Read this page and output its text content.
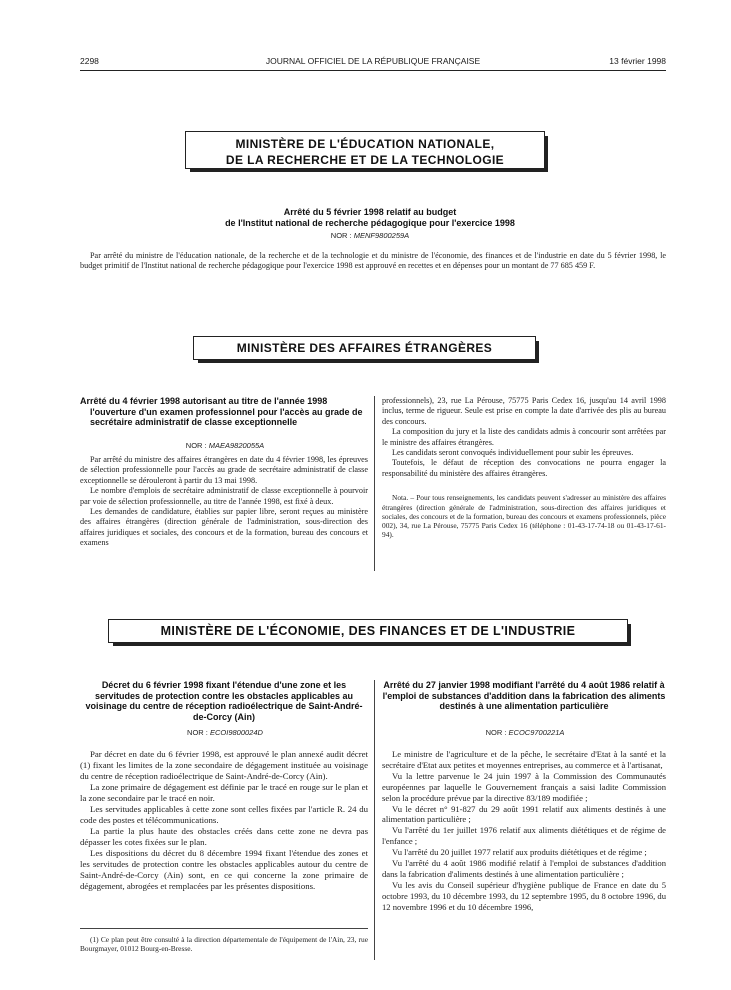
2298	JOURNAL OFFICIEL DE LA RÉPUBLIQUE FRANÇAISE	13 février 1998
MINISTÈRE DE L'ÉDUCATION NATIONALE,
DE LA RECHERCHE ET DE LA TECHNOLOGIE
Arrêté du 5 février 1998 relatif au budget
de l'Institut national de recherche pédagogique pour l'exercice 1998
NOR : MENF9800259A

Par arrêté du ministre de l'éducation nationale, de la recherche et de la technologie et du ministre de l'économie, des finances et de l'industrie en date du 5 février 1998, le budget primitif de l'Institut national de recherche pédagogique pour l'exercice 1998 est approuvé en recettes et en dépenses pour un montant de 77 685 459 F.

MINISTÈRE DES AFFAIRES ÉTRANGÈRES
Arrêté du 4 février 1998 autorisant au titre de l'année 1998 l'ouverture d'un examen professionnel pour l'accès au grade de secrétaire administratif de classe exceptionnelle
NOR : MAEA9820055A

Par arrêté du ministre des affaires étrangères en date du 4 février 1998, les épreuves de sélection professionnelle pour l'accès au grade de secrétaire administratif de classe exceptionnelle se dérouleront à partir du 13 mai 1998.

Le nombre d'emplois de secrétaire administratif de classe exceptionnelle à pourvoir par voie de sélection professionnelle, au titre de l'année 1998, est fixé à deux.

Les demandes de candidature, établies sur papier libre, seront reçues au ministère des affaires étrangères (direction générale de l'administration, sous-direction des affaires juridiques et sociales, des concours et de la formation, bureau des concours et examens

professionnels), 23, rue La Pérouse, 75775 Paris Cedex 16, jusqu'au 14 avril 1998 inclus, terme de rigueur. Seule est prise en compte la date d'arrivée des plis au bureau des concours.

La composition du jury et la liste des candidats admis à concourir sont arrêtées par le ministre des affaires étrangères.

Les candidats seront convoqués individuellement pour subir les épreuves.

Toutefois, le défaut de réception des convocations ne pourra engager la responsabilité du ministère des affaires étrangères.

Nota. – Pour tous renseignements, les candidats peuvent s'adresser au ministère des affaires étrangères (direction générale de l'administration, sous-direction des affaires juridiques et sociales, des concours et de la formation, bureau des concours et examens professionnels, pièce 002), 34, rue La Pérouse, 75775 Paris Cedex 16 (téléphone : 01-43-17-74-18 ou 01-43-17-61-94).

MINISTÈRE DE L'ÉCONOMIE, DES FINANCES ET DE L'INDUSTRIE
Décret du 6 février 1998 fixant l'étendue d'une zone et les servitudes de protection contre les obstacles applicables au voisinage du centre de réception radioélectrique de Saint-André-de-Corcy (Ain)
NOR : ECOI9800024D

Par décret en date du 6 février 1998, est approuvé le plan annexé audit décret (1) fixant les limites de la zone secondaire de dégagement instituée au voisinage du centre de réception radioélectrique de Saint-André-de-Corcy (Ain).

La zone primaire de dégagement est définie par le tracé en rouge sur le plan et la zone secondaire par le tracé en noir.

Les servitudes applicables à cette zone sont celles fixées par l'article R. 24 du code des postes et télécommunications.

La partie la plus haute des obstacles créés dans cette zone ne devra pas dépasser les cotes fixées sur le plan.

Les dispositions du décret du 8 décembre 1994 fixant l'étendue des zones et les servitudes de protection contre les obstacles applicables autour du centre de Saint-André-de-Corcy (Ain) sont, en ce qui concerne la zone primaire de dégagement, abrogées et remplacées par les présentes dispositions.

(1) Ce plan peut être consulté à la direction départementale de l'équipement de l'Ain, 23, rue Bourgmayer, 01012 Bourg-en-Bresse.

Arrêté du 27 janvier 1998 modifiant l'arrêté du 4 août 1986 relatif à l'emploi de substances d'addition dans la fabrication des aliments destinés à une alimentation particulière
NOR : ECOC9700221A

Le ministre de l'agriculture et de la pêche, le secrétaire d'Etat à la santé et la secrétaire d'Etat aux petites et moyennes entreprises, au commerce et à l'artisanat,

Vu la lettre parvenue le 24 juin 1997 à la Commission des Communautés européennes par laquelle le Gouvernement français a saisi ladite Commission selon la procédure prévue par la directive 83/189 modifiée ;

Vu le décret n° 91-827 du 29 août 1991 relatif aux aliments destinés à une alimentation particulière ;

Vu l'arrêté du 1er juillet 1976 relatif aux aliments diététiques et de régime de l'enfance ;

Vu l'arrêté du 20 juillet 1977 relatif aux produits diététiques et de régime ;

Vu l'arrêté du 4 août 1986 modifié relatif à l'emploi de substances d'addition dans la fabrication d'aliments destinés à une alimentation particulière ;

Vu les avis du Conseil supérieur d'hygiène publique de France en date du 5 octobre 1993, du 10 décembre 1993, du 12 septembre 1995, du 8 octobre 1996, du 12 novembre 1996 et du 10 décembre 1996,
